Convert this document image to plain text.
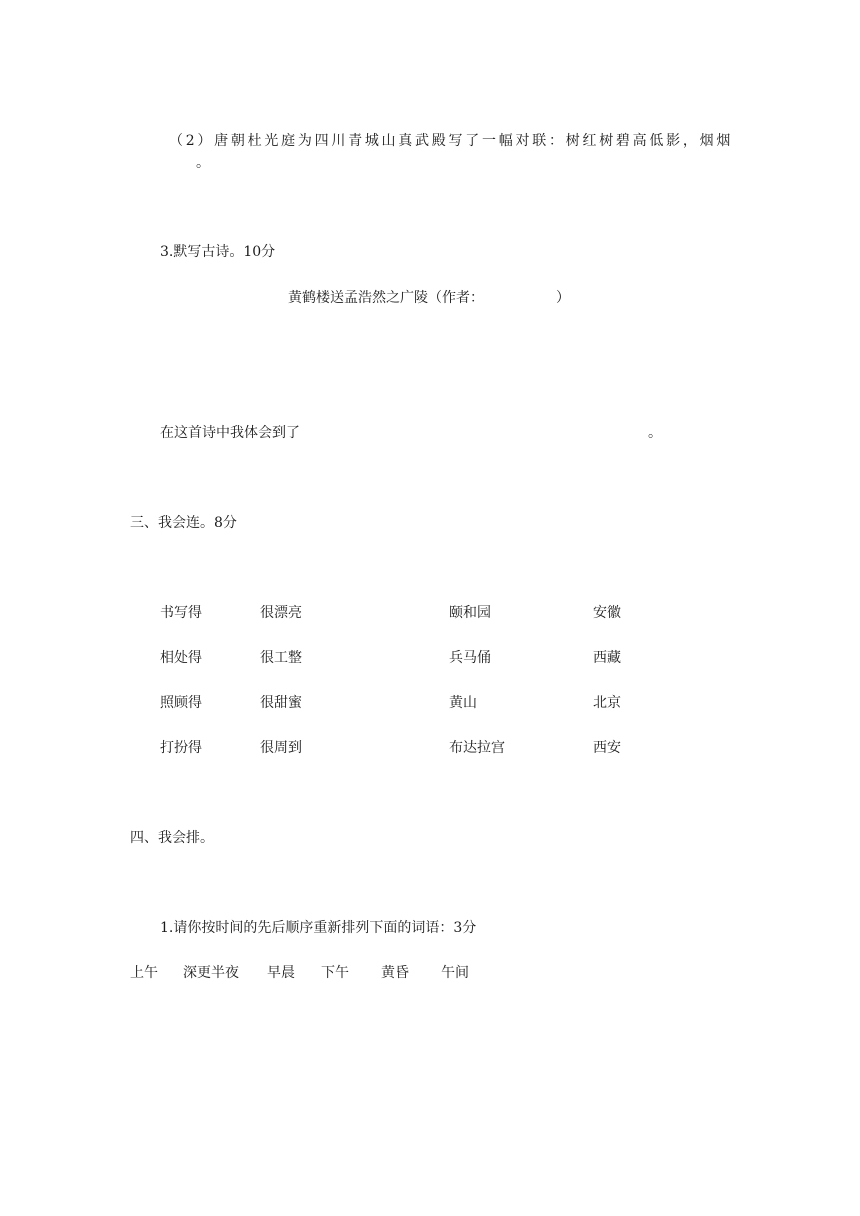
（2）唐朝杜光庭为四川青城山真武殿写了一幅对联：树红树碧高低影，烟烟。
3.默写古诗。10分
黄鹤楼送孟浩然之广陵（作者：	）
在这首诗中我体会到了	。
三、我会连。8分
书写得	很漂亮	颐和园	安徽
相处得	很工整	兵马俑	西藏
照顾得	很甜蜜	黄山	北京
打扮得	很周到	布达拉宫	西安
四、我会排。
1.请你按时间的先后顺序重新排列下面的词语：3分
上午 深更半夜 早晨 下午 黄昏 午间
